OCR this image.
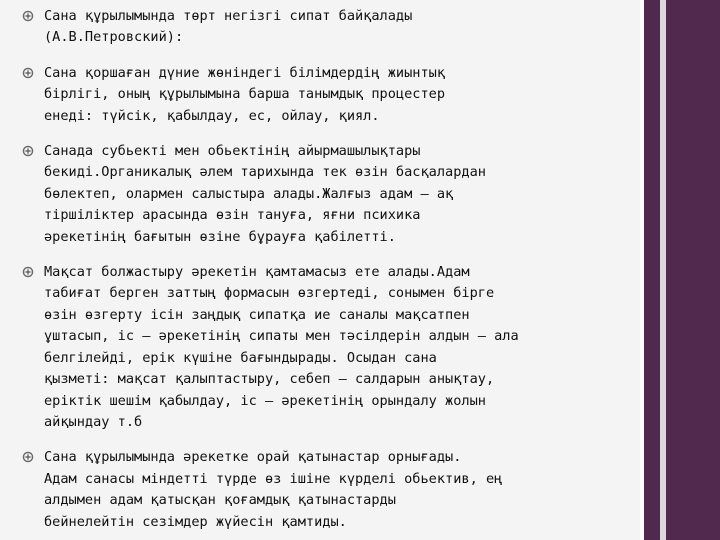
Сана құрылымында төрт негізгі сипат байқалады
(А.В.Петровский):
Сана қоршаған дүние жөніндегі білімдердің жиынтық
бірлігі, оның құрылымына барша танымдық процестер
енеді: түйсік, қабылдау, ес, ойлау, қиял.
Санада субьекті мен обьектінің айырмашылықтары
бекиді.Органикалық әлем тарихында тек өзін басқалардан
бөлектеп, олармен салыстыра алады.Жалғыз адам – ақ
тіршіліктер арасында өзін тануға, яғни психика
әрекетінің бағытын өзіне бұрауға қабілетті.
Мақсат болжастыру әрекетін қамтамасыз ете алады.Адам
табиғат берген заттың формасын өзгертеді, сонымен бірге
өзін өзгерту ісін заңдық сипатқа ие саналы мақсатпен
ұштасып, іс — әрекетінің сипаты мен тәсілдерін алдын – ала
белгілейді, ерік күшіне бағындырады. Осыдан сана
қызметі: мақсат қалыптастыру, себеп – салдарын анықтау,
еріктік шешім қабылдау, іс — әрекетінің орындалу жолын
айқындау т.б
Сана құрылымында әрекетке орай қатынастар орнығады.
Адам санасы міндетті түрде өз ішіне күрделі обьектив, ең
алдымен адам қатысқан қоғамдық қатынастарды
бейнелейтін сезімдер жүйесін қамтиды.
